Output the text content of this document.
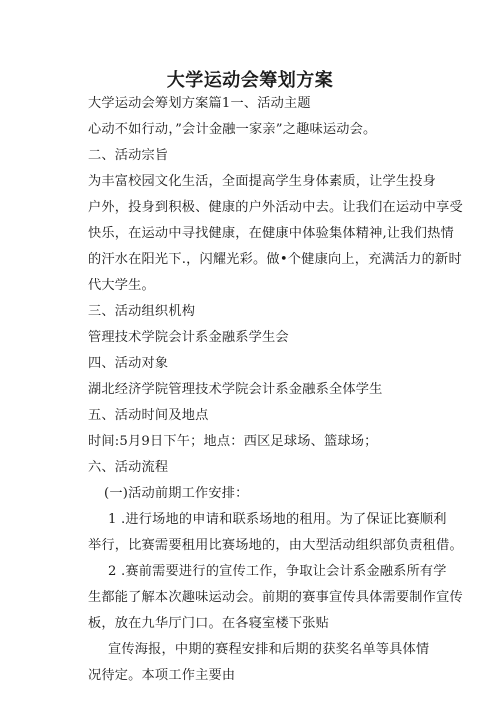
大学运动会筹划方案
大学运动会筹划方案篇1一、活动主题
心动不如行动，”会计金融一家亲”之趣味运动会。
二、活动宗旨
为丰富校园文化生活，全面提高学生身体素质，让学生投身
户外，投身到积极、健康的户外活动中去。让我们在运动中享受
快乐，在运动中寻找健康，在健康中体验集体精神,让我们热情
的汗水在阳光下.，闪耀光彩。做•个健康向上，充满活力的新时
代大学生。
三、活动组织机构
管理技术学院会计系金融系学生会
四、活动对象
湖北经济学院管理技术学院会计系金融系全体学生
五、活动时间及地点
时间:5月9日下午；地点：西区足球场、篮球场；
六、活动流程
(一)活动前期工作安排：
1 .进行场地的申请和联系场地的租用。为了保证比赛顺利
举行，比赛需要租用比赛场地的，由大型活动组织部负责租借。
2 .赛前需要进行的宣传工作，争取让会计系金融系所有学
生都能了解本次趣味运动会。前期的赛事宣传具体需要制作宣传
板，放在九华厅门口。在各寝室楼下张贴
宣传海报，中期的赛程安排和后期的获奖名单等具体情
况待定。本项工作主要由
